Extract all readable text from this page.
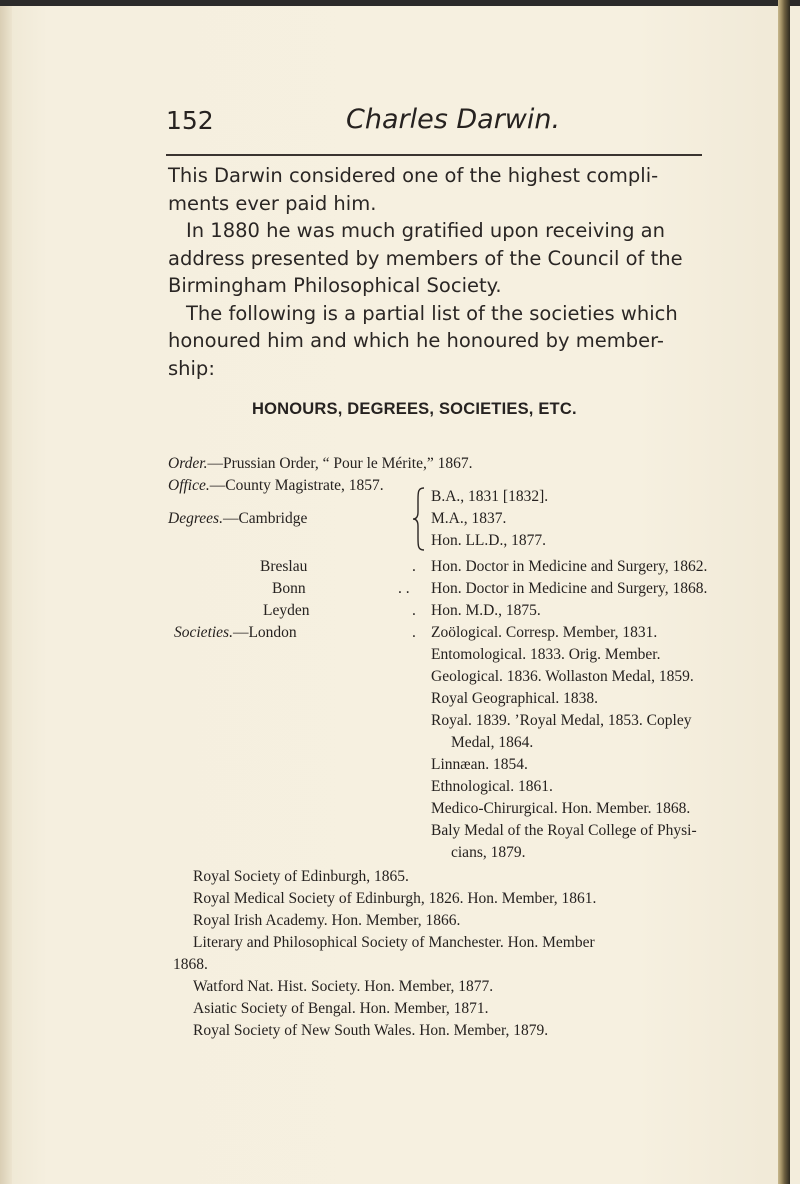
152	Charles Darwin.

This Darwin considered one of the highest compli-
ments ever paid him.

In 1880 he was much gratified upon receiving an
address presented by members of the Council of the
Birmingham Philosophical Society.

The following is a partial list of the societies which
honoured him and which he honoured by member-
ship:

HONOURS, DEGREES, SOCIETIES, ETC.
Order.—Prussian Order, “ Pour le Mérite,” 1867.
Office.—County Magistrate, 1857.
Degrees.—Cambridge
B.A., 1831 [1832].
M.A., 1837.
Hon. LL.D., 1877.
Breslau	. Hon. Doctor in Medicine and Surgery, 1862.
Bonn	. . Hon. Doctor in Medicine and Surgery, 1868.
Leyden	. Hon. M.D., 1875.
Societies.—London	. Zoölogical. Corresp. Member, 1831.
Entomological. 1833. Orig. Member.
Geological. 1836. Wollaston Medal, 1859.
Royal Geographical. 1838.
Royal. 1839. ’Royal Medal, 1853. Copley
Medal, 1864.
Linnæan. 1854.
Ethnological. 1861.
Medico-Chirurgical. Hon. Member. 1868.
Baly Medal of the Royal College of Physi-
cians, 1879.
Royal Society of Edinburgh, 1865.
Royal Medical Society of Edinburgh, 1826. Hon. Member, 1861.
Royal Irish Academy. Hon. Member, 1866.
Literary and Philosophical Society of Manchester. Hon. Member
1868.
Watford Nat. Hist. Society. Hon. Member, 1877.
Asiatic Society of Bengal. Hon. Member, 1871.
Royal Society of New South Wales. Hon. Member, 1879.
